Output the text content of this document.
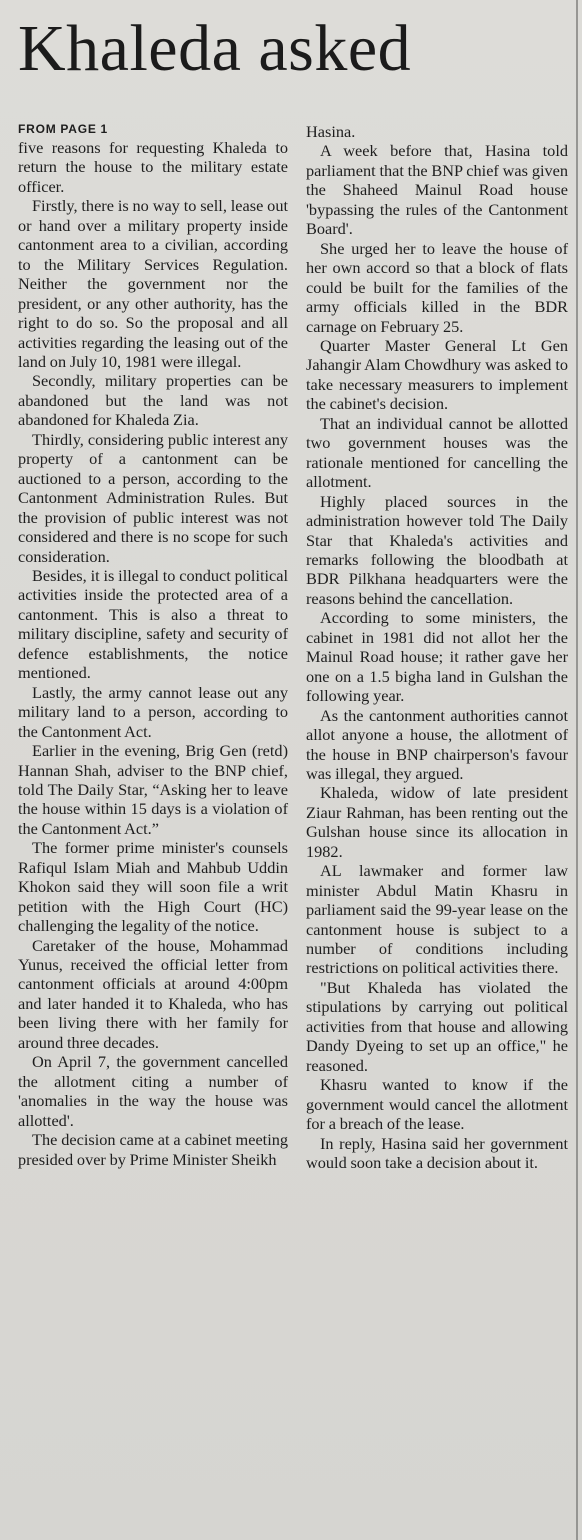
Khaleda asked
FROM PAGE 1

five reasons for requesting Khaleda to return the house to the military estate officer.

Firstly, there is no way to sell, lease out or hand over a military property inside cantonment area to a civilian, according to the Military Services Regulation. Neither the government nor the president, or any other authority, has the right to do so. So the proposal and all activities regarding the leasing out of the land on July 10, 1981 were illegal.

Secondly, military properties can be abandoned but the land was not abandoned for Khaleda Zia.

Thirdly, considering public interest any property of a cantonment can be auctioned to a person, according to the Cantonment Administration Rules. But the provision of public interest was not considered and there is no scope for such consideration.

Besides, it is illegal to conduct political activities inside the protected area of a cantonment. This is also a threat to military discipline, safety and security of defence establishments, the notice mentioned.

Lastly, the army cannot lease out any military land to a person, according to the Cantonment Act.

Earlier in the evening, Brig Gen (retd) Hannan Shah, adviser to the BNP chief, told The Daily Star, “Asking her to leave the house within 15 days is a violation of the Cantonment Act.”

The former prime minister's counsels Rafiqul Islam Miah and Mahbub Uddin Khokon said they will soon file a writ petition with the High Court (HC) challenging the legality of the notice.

Caretaker of the house, Mohammad Yunus, received the official letter from cantonment officials at around 4:00pm and later handed it to Khaleda, who has been living there with her family for around three decades.

On April 7, the government cancelled the allotment citing a number of 'anomalies in the way the house was allotted'.

The decision came at a cabinet meeting presided over by Prime Minister Sheikh

Hasina.

A week before that, Hasina told parliament that the BNP chief was given the Shaheed Mainul Road house 'bypassing the rules of the Cantonment Board'.

She urged her to leave the house of her own accord so that a block of flats could be built for the families of the army officials killed in the BDR carnage on February 25.

Quarter Master General Lt Gen Jahangir Alam Chowdhury was asked to take necessary measurers to implement the cabinet's decision.

That an individual cannot be allotted two government houses was the rationale mentioned for cancelling the allotment.

Highly placed sources in the administration however told The Daily Star that Khaleda's activities and remarks following the bloodbath at BDR Pilkhana headquarters were the reasons behind the cancellation.

According to some ministers, the cabinet in 1981 did not allot her the Mainul Road house; it rather gave her one on a 1.5 bigha land in Gulshan the following year.

As the cantonment authorities cannot allot anyone a house, the allotment of the house in BNP chairperson's favour was illegal, they argued.

Khaleda, widow of late president Ziaur Rahman, has been renting out the Gulshan house since its allocation in 1982.

AL lawmaker and former law minister Abdul Matin Khasru in parliament said the 99-year lease on the cantonment house is subject to a number of conditions including restrictions on political activities there.

"But Khaleda has violated the stipulations by carrying out political activities from that house and allowing Dandy Dyeing to set up an office," he reasoned.

Khasru wanted to know if the government would cancel the allotment for a breach of the lease.

In reply, Hasina said her government would soon take a decision about it.
